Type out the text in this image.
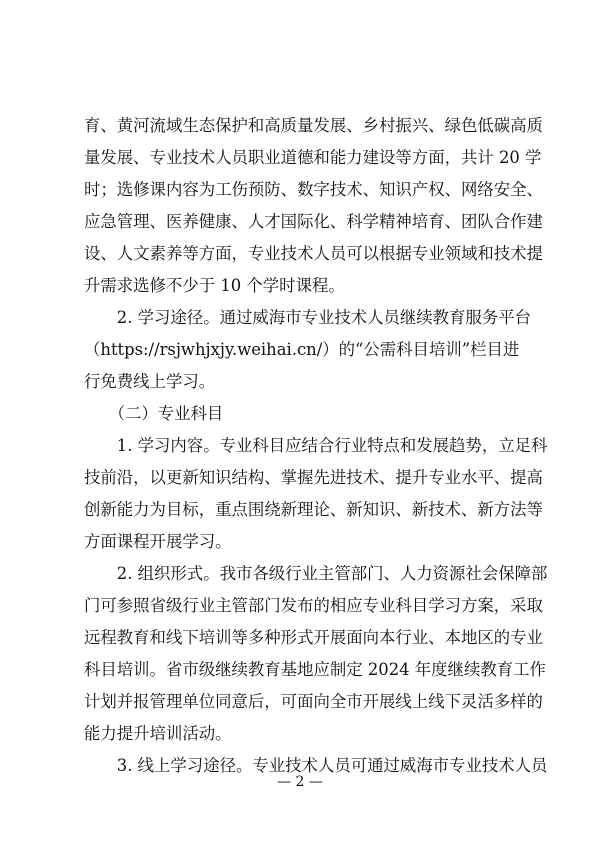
育、黄河流域生态保护和高质量发展、乡村振兴、绿色低碳高质
量发展、专业技术人员职业道德和能力建设等方面，共计 20 学
时；选修课内容为工伤预防、数字技术、知识产权、网络安全、
应急管理、医养健康、人才国际化、科学精神培育、团队合作建
设、人文素养等方面，专业技术人员可以根据专业领域和技术提
升需求选修不少于 10 个学时课程。
　　2. 学习途径。通过威海市专业技术人员继续教育服务平台
（https://rsjwhjxjy.weihai.cn/）的“公需科目培训”栏目进
行免费线上学习。
　　（二）专业科目
　　1. 学习内容。专业科目应结合行业特点和发展趋势，立足科
技前沿，以更新知识结构、掌握先进技术、提升专业水平、提高
创新能力为目标，重点围绕新理论、新知识、新技术、新方法等
方面课程开展学习。
　　2. 组织形式。我市各级行业主管部门、人力资源社会保障部
门可参照省级行业主管部门发布的相应专业科目学习方案，采取
远程教育和线下培训等多种形式开展面向本行业、本地区的专业
科目培训。省市级继续教育基地应制定 2024 年度继续教育工作
计划并报管理单位同意后，可面向全市开展线上线下灵活多样的
能力提升培训活动。
　　3. 线上学习途径。专业技术人员可通过威海市专业技术人员
— 2 —
